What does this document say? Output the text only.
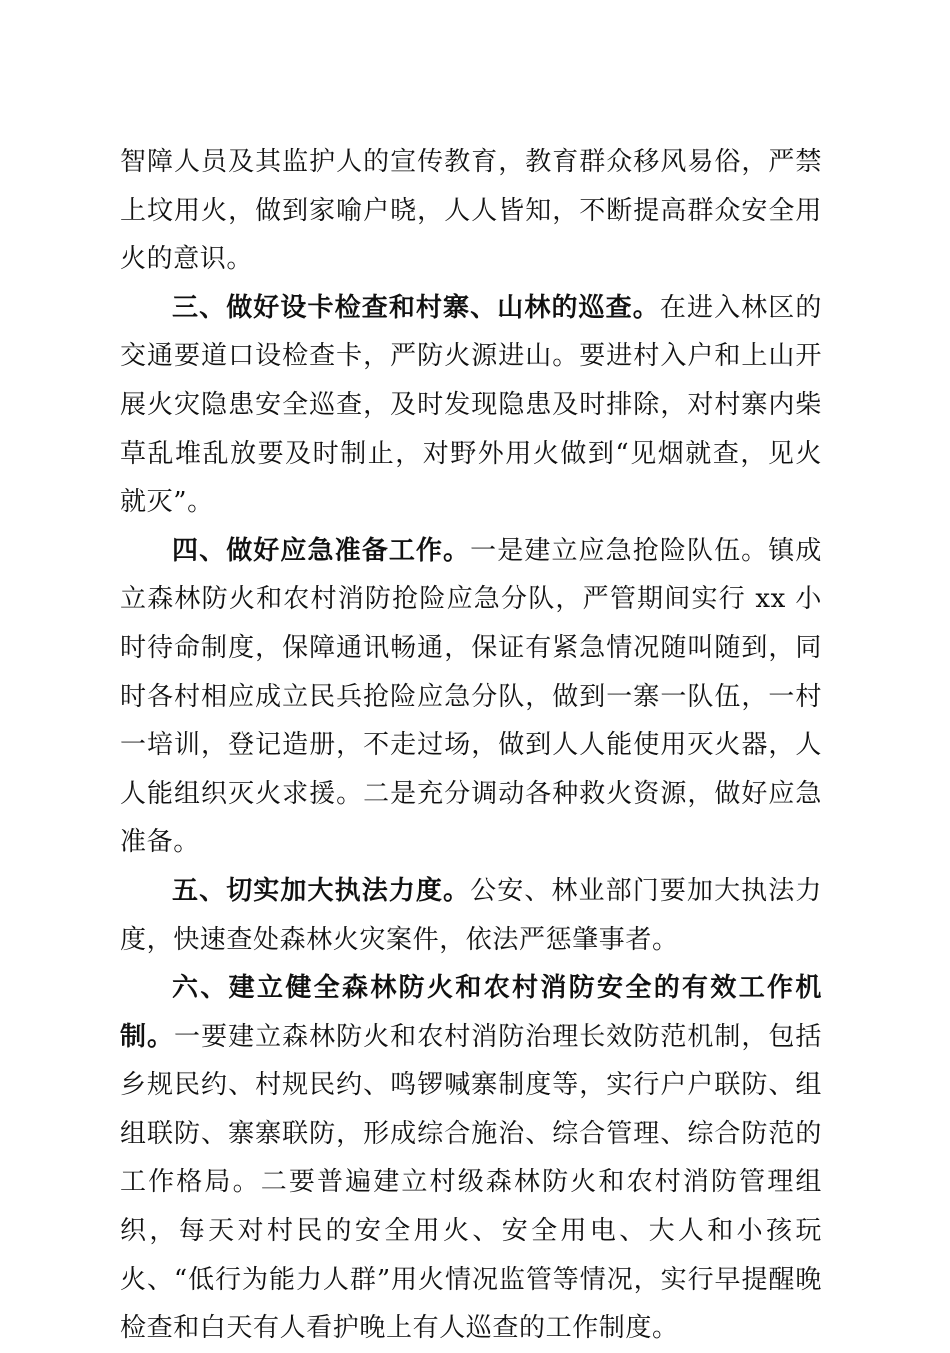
智障人员及其监护人的宣传教育，教育群众移风易俗，严禁上坟用火，做到家喻户晓，人人皆知，不断提高群众安全用火的意识。

三、做好设卡检查和村寨、山林的巡查。在进入林区的交通要道口设检查卡，严防火源进山。要进村入户和上山开展火灾隐患安全巡查，及时发现隐患及时排除，对村寨内柴草乱堆乱放要及时制止，对野外用火做到“见烟就查，见火就灭”。

四、做好应急准备工作。一是建立应急抢险队伍。镇成立森林防火和农村消防抢险应急分队，严管期间实行 xx 小时待命制度，保障通讯畅通，保证有紧急情况随叫随到，同时各村相应成立民兵抢险应急分队，做到一寨一队伍，一村一培训，登记造册，不走过场，做到人人能使用灭火器，人人能组织灭火求援。二是充分调动各种救火资源，做好应急准备。

五、切实加大执法力度。公安、林业部门要加大执法力度，快速查处森林火灾案件，依法严惩肇事者。

六、建立健全森林防火和农村消防安全的有效工作机制。一要建立森林防火和农村消防治理长效防范机制，包括乡规民约、村规民约、鸣锣喊寨制度等，实行户户联防、组组联防、寨寨联防，形成综合施治、综合管理、综合防范的工作格局。二要普遍建立村级森林防火和农村消防管理组织，每天对村民的安全用火、安全用电、大人和小孩玩火、“低行为能力人群”用火情况监管等情况，实行早提醒晚检查和白天有人看护晚上有人巡查的工作制度。
